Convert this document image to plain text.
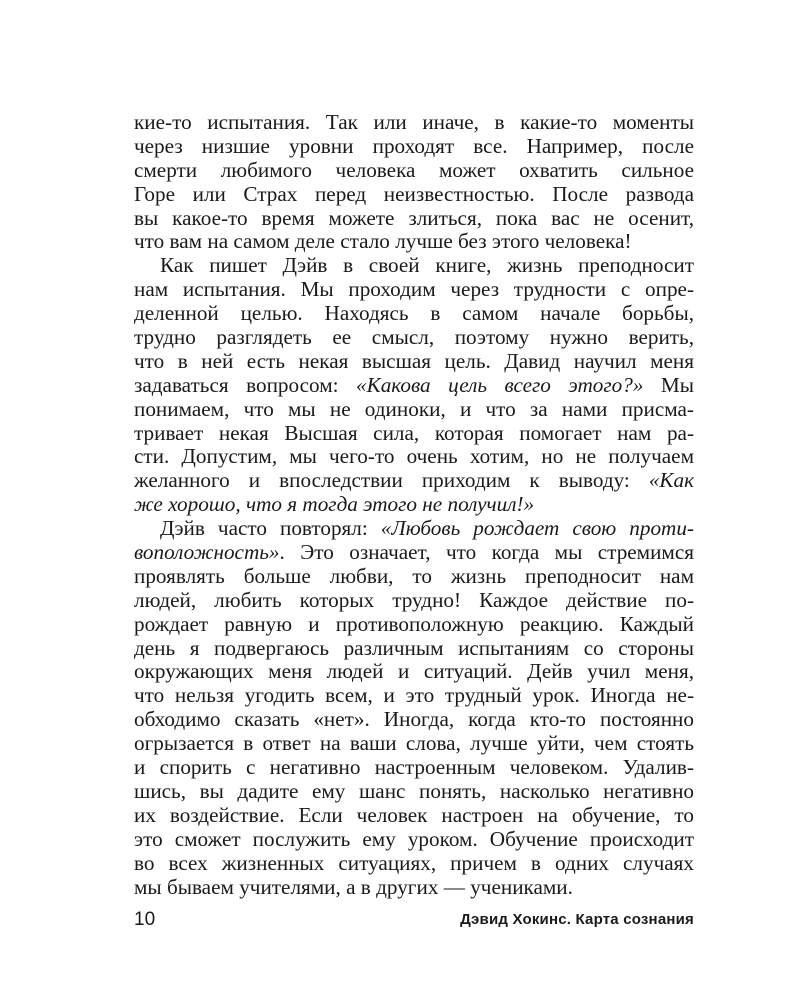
кие-то испытания. Так или иначе, в какие-то моменты
через низшие уровни проходят все. Например, после
смерти любимого человека может охватить сильное
Горе или Страх перед неизвестностью. После развода
вы какое-то время можете злиться, пока вас не осенит,
что вам на самом деле стало лучше без этого человека!
Как пишет Дэйв в своей книге, жизнь преподносит
нам испытания. Мы проходим через трудности с опре-
деленной целью. Находясь в самом начале борьбы,
трудно разглядеть ее смысл, поэтому нужно верить,
что в ней есть некая высшая цель. Давид научил меня
задаваться вопросом: «Какова цель всего этого?» Мы
понимаем, что мы не одиноки, и что за нами присма-
тривает некая Высшая сила, которая помогает нам ра-
сти. Допустим, мы чего-то очень хотим, но не получаем
желанного и впоследствии приходим к выводу: «Как
же хорошо, что я тогда этого не получил!»
Дэйв часто повторял: «Любовь рождает свою проти-
воположность». Это означает, что когда мы стремимся
проявлять больше любви, то жизнь преподносит нам
людей, любить которых трудно! Каждое действие по-
рождает равную и противоположную реакцию. Каждый
день я подвергаюсь различным испытаниям со стороны
окружающих меня людей и ситуаций. Дейв учил меня,
что нельзя угодить всем, и это трудный урок. Иногда не-
обходимо сказать «нет». Иногда, когда кто-то постоянно
огрызается в ответ на ваши слова, лучше уйти, чем стоять
и спорить с негативно настроенным человеком. Удалив-
шись, вы дадите ему шанс понять, насколько негативно
их воздействие. Если человек настроен на обучение, то
это сможет послужить ему уроком. Обучение происходит
во всех жизненных ситуациях, причем в одних случаях
мы бываем учителями, а в других — учениками.
10	Дэвид Хокинс. Карта сознания
